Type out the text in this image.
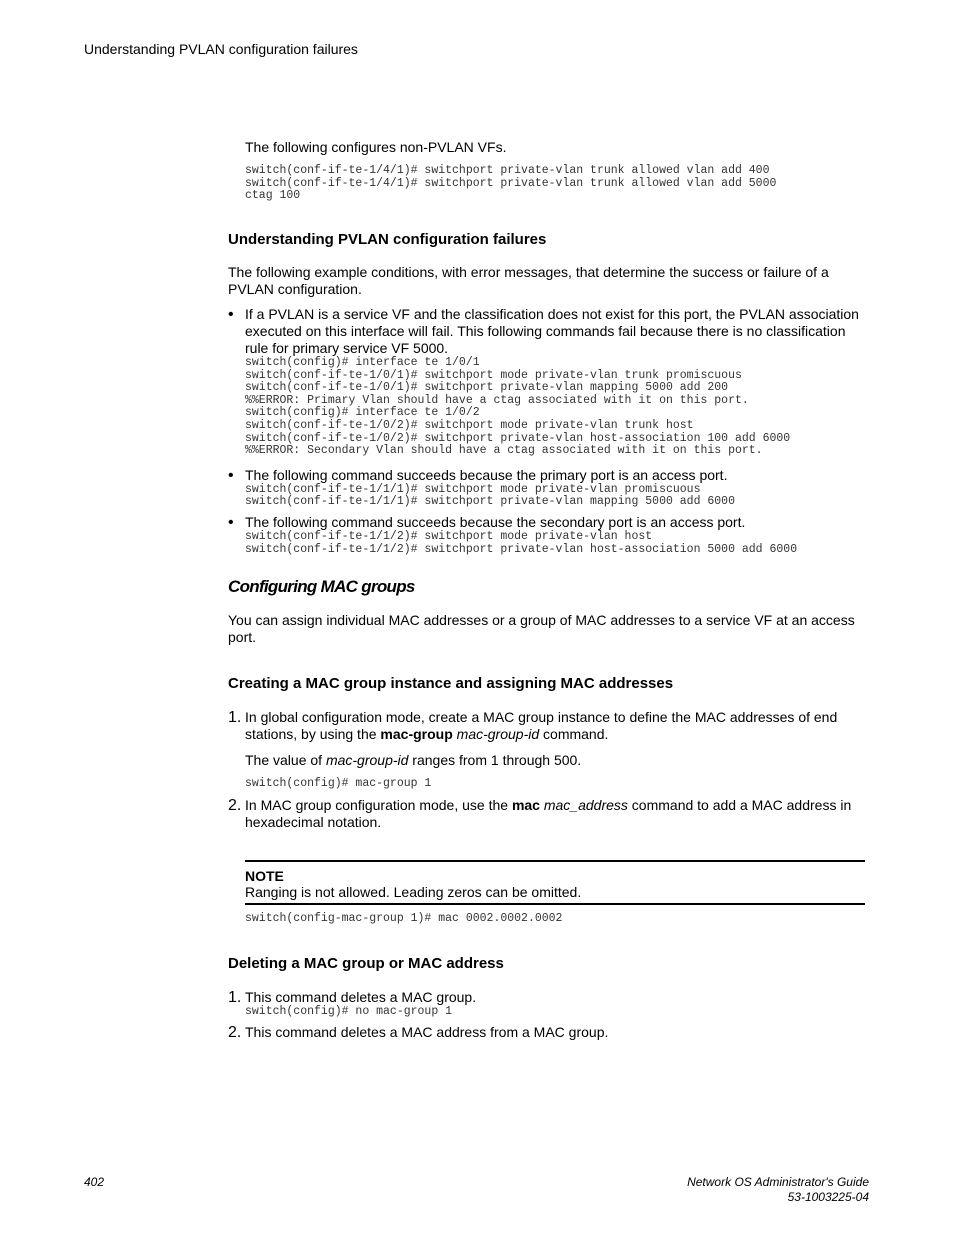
Understanding PVLAN configuration failures

The following configures non-PVLAN VFs.

switch(conf-if-te-1/4/1)# switchport private-vlan trunk allowed vlan add 400
switch(conf-if-te-1/4/1)# switchport private-vlan trunk allowed vlan add 5000
ctag 100

Understanding PVLAN configuration failures

The following example conditions, with error messages, that determine the success or failure of a PVLAN configuration.

• If a PVLAN is a service VF and the classification does not exist for this port, the PVLAN association executed on this interface will fail. This following commands fail because there is no classification rule for primary service VF 5000.

switch(config)# interface te 1/0/1
switch(conf-if-te-1/0/1)# switchport mode private-vlan trunk promiscuous
switch(conf-if-te-1/0/1)# switchport private-vlan mapping 5000 add 200
%%ERROR: Primary Vlan should have a ctag associated with it on this port.
switch(config)# interface te 1/0/2
switch(conf-if-te-1/0/2)# switchport mode private-vlan trunk host
switch(conf-if-te-1/0/2)# switchport private-vlan host-association 100 add 6000
%%ERROR: Secondary Vlan should have a ctag associated with it on this port.
• The following command succeeds because the primary port is an access port.

switch(conf-if-te-1/1/1)# switchport mode private-vlan promiscuous
switch(conf-if-te-1/1/1)# switchport private-vlan mapping 5000 add 6000
• The following command succeeds because the secondary port is an access port.

switch(conf-if-te-1/1/2)# switchport mode private-vlan host
switch(conf-if-te-1/1/2)# switchport private-vlan host-association 5000 add 6000

Configuring MAC groups

You can assign individual MAC addresses or a group of MAC addresses to a service VF at an access port.

Creating a MAC group instance and assigning MAC addresses

1. In global configuration mode, create a MAC group instance to define the MAC addresses of end stations, by using the mac-group mac-group-id command.

The value of mac-group-id ranges from 1 through 500.

switch(config)# mac-group 1
2. In MAC group configuration mode, use the mac mac_address command to add a MAC address in hexadecimal notation.

NOTE

Ranging is not allowed. Leading zeros can be omitted.

switch(config-mac-group 1)# mac 0002.0002.0002

Deleting a MAC group or MAC address

1. This command deletes a MAC group.

switch(config)# no mac-group 1
2. This command deletes a MAC address from a MAC group.

402	Network OS Administrator's Guide
53-1003225-04
